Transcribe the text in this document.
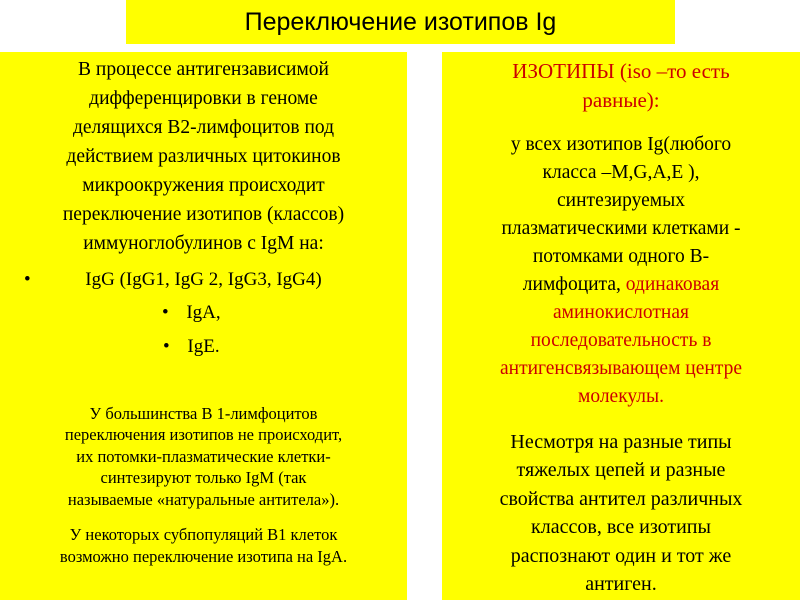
Переключение изотипов Ig
В процессе антигензависимой
дифференцировки в геноме
делящихся В2-лимфоцитов под
действием различных цитокинов
микроокружения происходит
переключение изотипов (классов)
иммуноглобулинов с IgM на:
•	IgG (IgG1, IgG 2, IgG3, IgG4)
• IgA,
• IgE.
У большинства В 1-лимфоцитов
переключения изотипов не происходит,
их потомки-плазматические клетки-
синтезируют только IgM (так
называемые «натуральные антитела»).
У некоторых субпопуляций В1 клеток
возможно переключение изотипа на IgA.
ИЗОТИПЫ (iso –то есть
равные):
у всех изотипов Ig(любого
класса –M,G,A,E ),
синтезируемых
плазматическими клетками -
потомками одного В-
лимфоцита, одинаковая
аминокислотная
последовательность в
антигенсвязывающем центре
молекулы.
Несмотря на разные типы
тяжелых цепей и разные
свойства антител различных
классов, все изотипы
распознают один и тот же
антиген.
